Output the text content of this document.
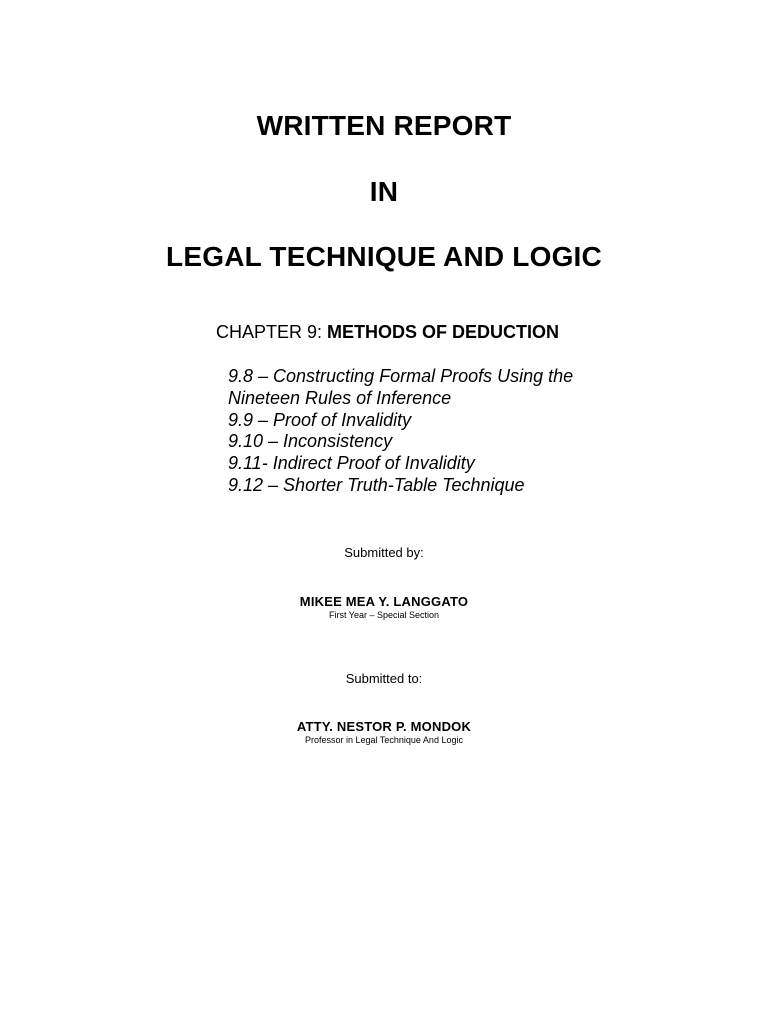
WRITTEN REPORT
IN
LEGAL TECHNIQUE AND LOGIC
CHAPTER 9: METHODS OF DEDUCTION
9.8 – Constructing Formal Proofs Using the
Nineteen Rules of Inference
9.9 – Proof of Invalidity
9.10 – Inconsistency
9.11- Indirect Proof of Invalidity
9.12 – Shorter Truth-Table Technique
Submitted by:
MIKEE MEA Y. LANGGATO
First Year – Special Section
Submitted to:
ATTY. NESTOR P. MONDOK
Professor in Legal Technique And Logic
